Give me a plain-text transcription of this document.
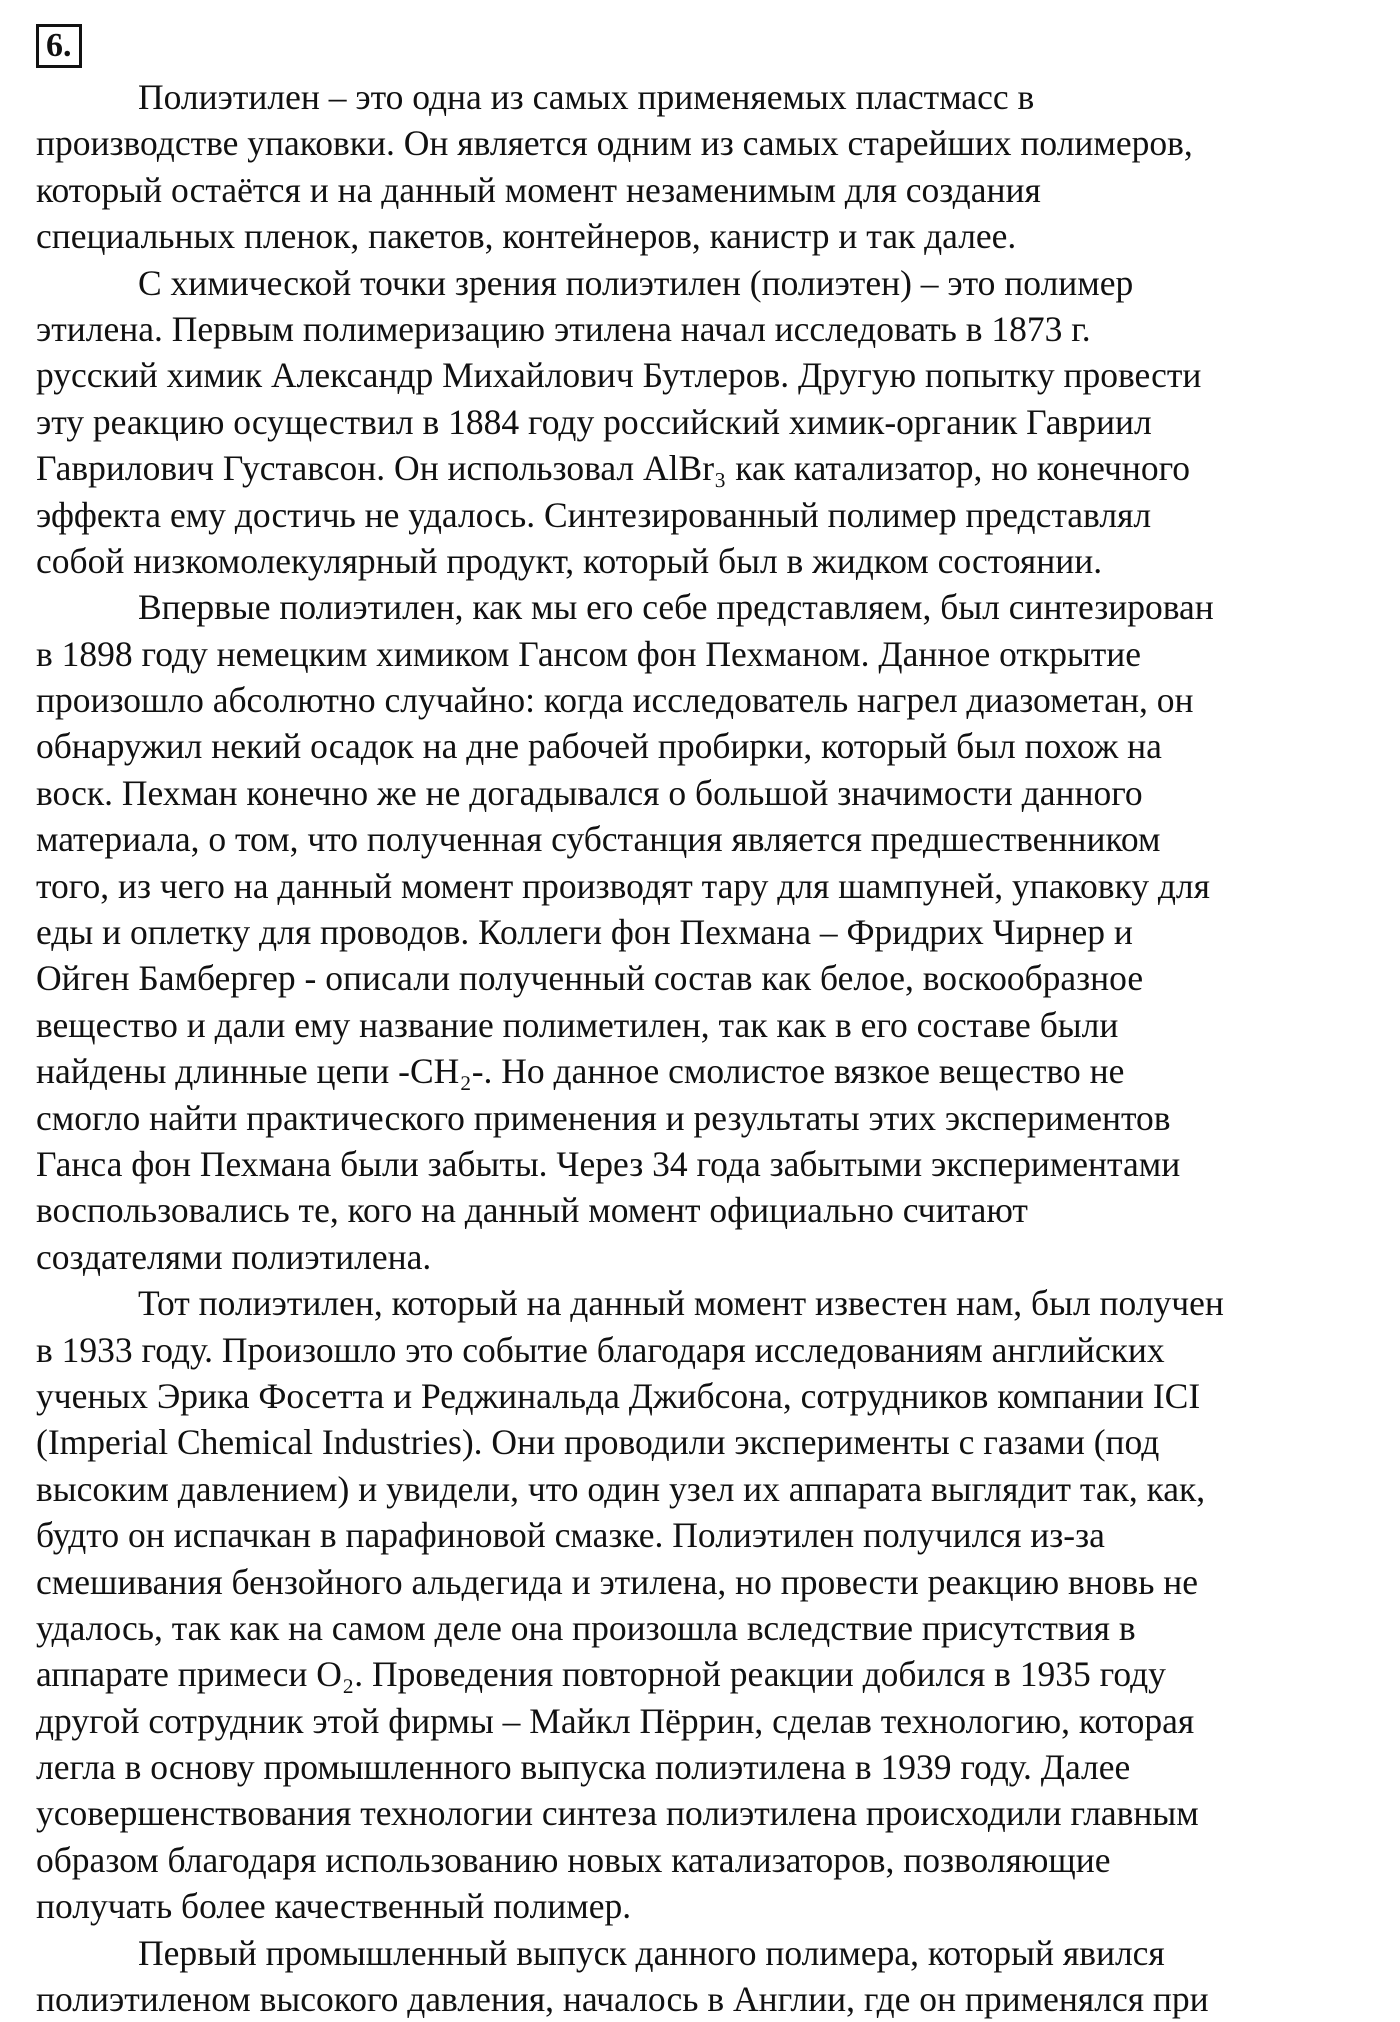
6.

Полиэтилен – это одна из самых применяемых пластмасс в
производстве упаковки. Он является одним из самых старейших полимеров,
который остаётся и на данный момент незаменимым для создания
специальных пленок, пакетов, контейнеров, канистр и так далее.

С химической точки зрения полиэтилен (полиэтен) – это полимер
этилена. Первым полимеризацию этилена начал исследовать в 1873 г.
русский химик Александр Михайлович Бутлеров. Другую попытку провести
эту реакцию осуществил в 1884 году российский химик-органик Гавриил
Гаврилович Густавсон. Он использовал AlBr₃ как катализатор, но конечного
эффекта ему достичь не удалось. Синтезированный полимер представлял
собой низкомолекулярный продукт, который был в жидком состоянии.

Впервые полиэтилен, как мы его себе представляем, был синтезирован
в 1898 году немецким химиком Гансом фон Пехманом. Данное открытие
произошло абсолютно случайно: когда исследователь нагрел диазометан, он
обнаружил некий осадок на дне рабочей пробирки, который был похож на
воск. Пехман конечно же не догадывался о большой значимости данного
материала, о том, что полученная субстанция является предшественником
того, из чего на данный момент производят тару для шампуней, упаковку для
еды и оплетку для проводов. Коллеги фон Пехмана – Фридрих Чирнер и
Ойген Бамбергер - описали полученный состав как белое, воскообразное
вещество и дали ему название полиметилен, так как в его составе были
найдены длинные цепи -CH₂-. Но данное смолистое вязкое вещество не
смогло найти практического применения и результаты этих экспериментов
Ганса фон Пехмана были забыты. Через 34 года забытыми экспериментами
воспользовались те, кого на данный момент официально считают
создателями полиэтилена.

Тот полиэтилен, который на данный момент известен нам, был получен
в 1933 году. Произошло это событие благодаря исследованиям английских
ученых Эрика Фосетта и Реджинальда Джибсона, сотрудников компании ICI
(Imperial Chemical Industries). Они проводили эксперименты с газами (под
высоким давлением) и увидели, что один узел их аппарата выглядит так, как,
будто он испачкан в парафиновой смазке. Полиэтилен получился из-за
смешивания бензойного альдегида и этилена, но провести реакцию вновь не
удалось, так как на самом деле она произошла вследствие присутствия в
аппарате примеси O₂. Проведения повторной реакции добился в 1935 году
другой сотрудник этой фирмы – Майкл Пёррин, сделав технологию, которая
легла в основу промышленного выпуска полиэтилена в 1939 году. Далее
усовершенствования технологии синтеза полиэтилена происходили главным
образом благодаря использованию новых катализаторов, позволяющие
получать более качественный полимер.

Первый промышленный выпуск данного полимера, который явился
полиэтиленом высокого давления, началось в Англии, где он применялся при
